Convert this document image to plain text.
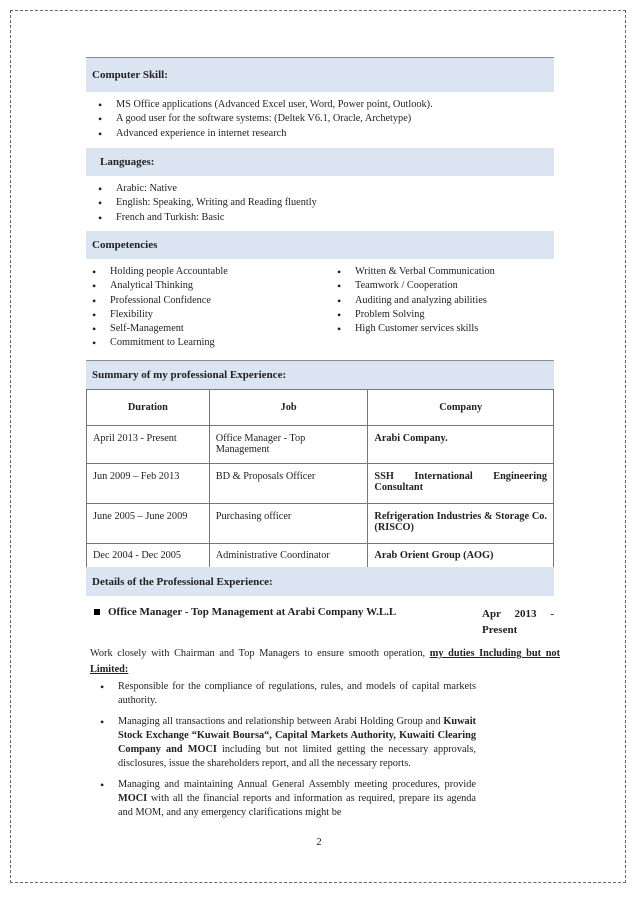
Computer Skill:
• MS Office applications (Advanced Excel user, Word, Power point, Outlook).
• A good user for the software systems: (Deltek V6.1, Oracle, Archetype)
• Advanced experience in internet research
Languages:
• Arabic: Native
• English: Speaking, Writing and Reading fluently
• French and Turkish: Basic
Competencies
• Holding people Accountable
• Analytical Thinking
• Professional Confidence
• Flexibility
• Self-Management
• Commitment to Learning
• Written & Verbal Communication
• Teamwork / Cooperation
• Auditing and analyzing abilities
• Problem Solving
• High Customer services skills
Summary of my professional Experience:
Duration	Job	Company
April 2013 - Present	Office Manager - Top Management	Arabi Company.
Jun 2009 – Feb 2013	BD & Proposals Officer	SSH International Engineering Consultant
June 2005 – June 2009	Purchasing officer	Refrigeration Industries & Storage Co.(RISCO)
Dec 2004 - Dec 2005	Administrative Coordinator	Arab Orient Group (AOG)
Details of the Professional Experience:
Office Manager - Top Management at Arabi Company W.L.L	Apr 2013 - Present
Work closely with Chairman and Top Managers to ensure smooth operation, my duties Including but not Limited:
• Responsible for the compliance of regulations, rules, and models of capital markets authority.
• Managing all transactions and relationship between Arabi Holding Group and Kuwait Stock Exchange “Kuwait Boursa“, Capital Markets Authority, Kuwaiti Clearing Company and MOCI including but not limited getting the necessary approvals, disclosures, issue the shareholders report, and all the necessary reports.
• Managing and maintaining Annual General Assembly meeting procedures, provide MOCI with all the financial reports and information as required, prepare its agenda and MOM, and any emergency clarifications might be
2
